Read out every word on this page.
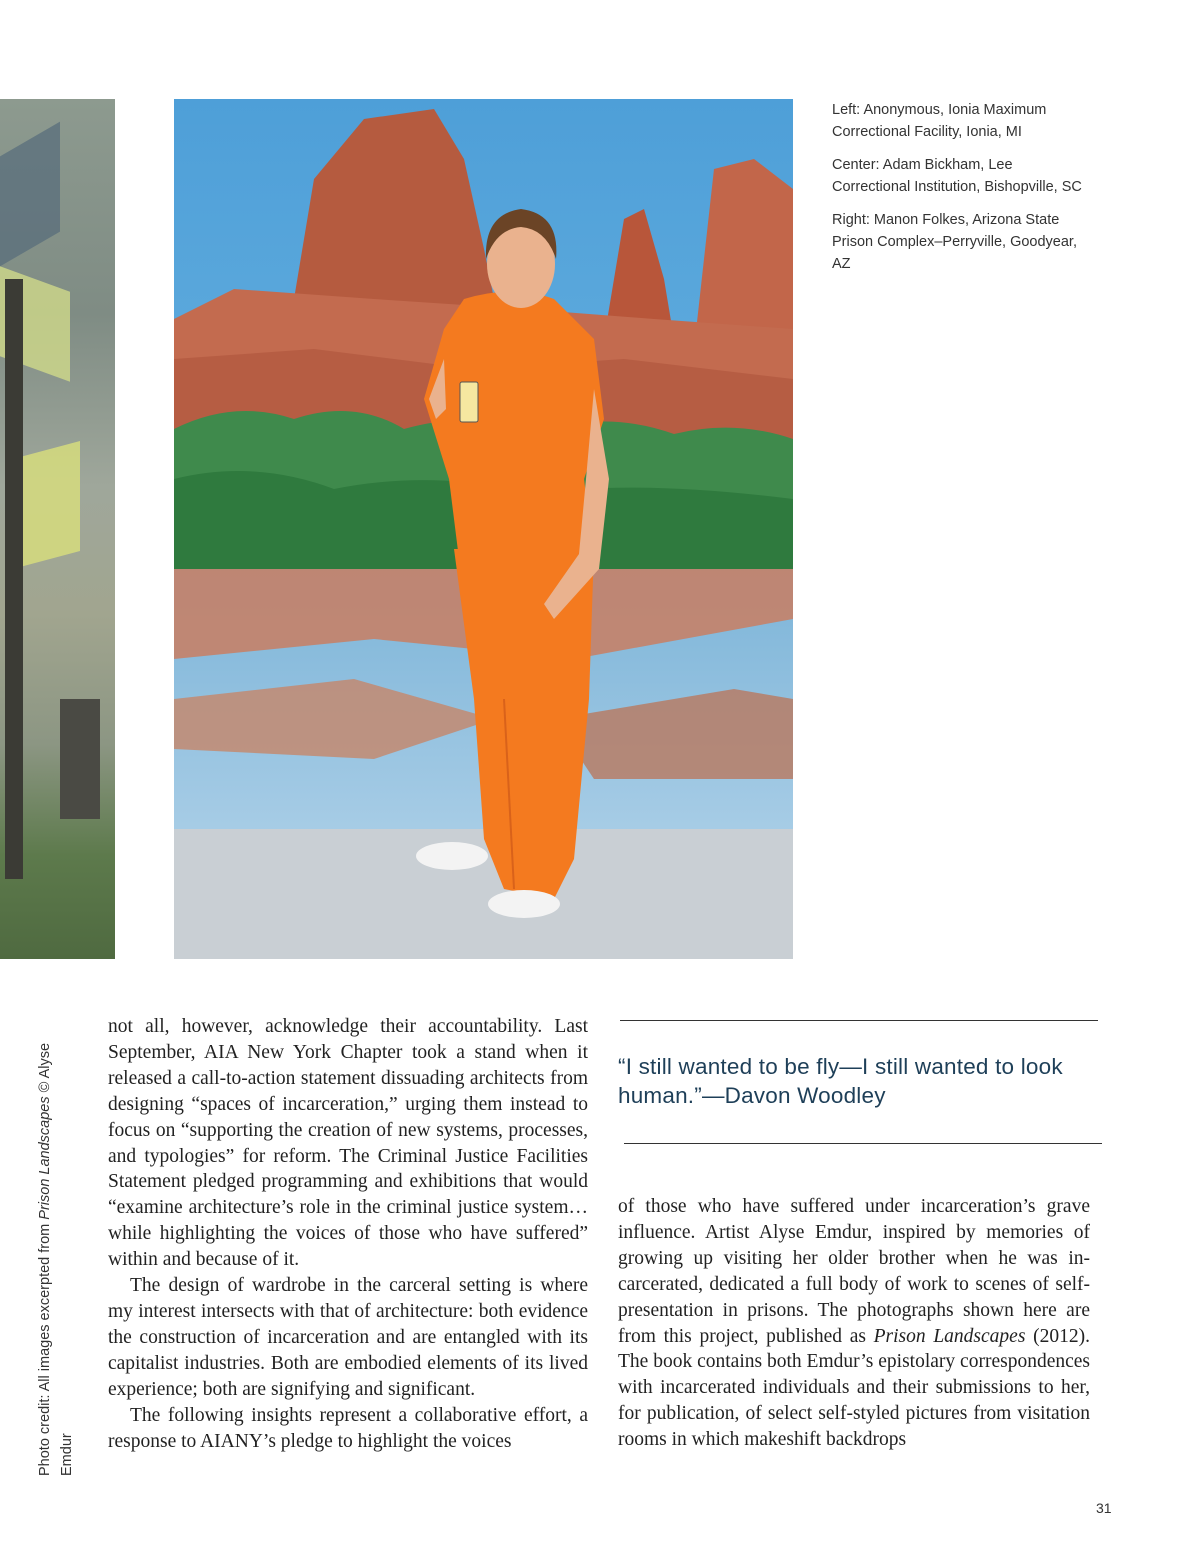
Left: Anonymous, Ionia Maximum Correctional Facility, Ionia, MI

Center: Adam Bickham, Lee Correctional Institution, Bishopville, SC

Right: Manon Folkes, Arizona State Prison Complex–Perryville, Goodyear, AZ

Photo credit: All images excerpted from Prison Landscapes © Alyse Emdur

not all, however, acknowledge their accountability. Last September, AIA New York Chapter took a stand when it released a call-to-action statement dissuading architects from designing “spaces of incarceration,” urging them instead to focus on “supporting the creation of new systems, processes, and typologies” for reform. The Criminal Justice Facilities Statement pledged programming and exhibitions that would “examine architecture’s role in the criminal justice system…while highlighting the voices of those who have suffered” within and because of it.

The design of wardrobe in the carceral setting is where my interest intersects with that of architecture: both evidence the construction of incarceration and are entangled with its capitalist industries. Both are embodied elements of its lived experience; both are signifying and significant.

The following insights represent a collaborative effort, a response to AIANY’s pledge to highlight the voices

“I still wanted to be fly—I still wanted to look human.”—Davon Woodley

of those who have suffered under incarceration’s grave influence. Artist Alyse Emdur, inspired by memories of growing up visiting her older brother when he was incarcerated, dedicated a full body of work to scenes of self-presentation in prisons. The photographs shown here are from this project, published as Prison Landscapes (2012). The book contains both Emdur’s epistolary correspondences with incarcerated individuals and their submissions to her, for publication, of select self-styled pictures from visitation rooms in which makeshift backdrops

31
